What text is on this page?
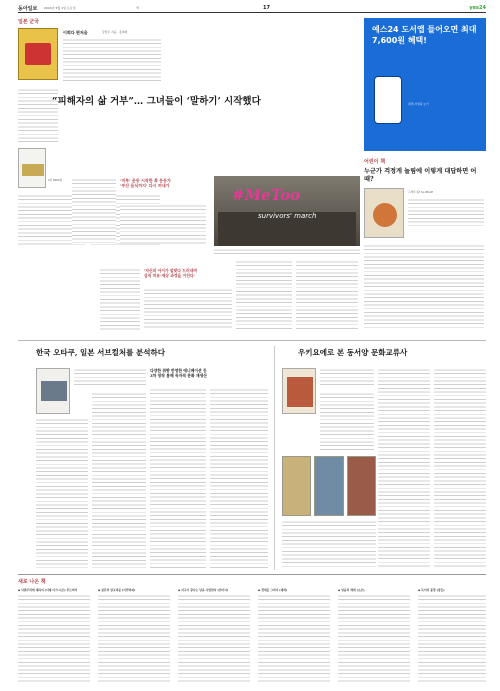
동아일보 2024년 5월 1일 토요일	책	17	yes24
일본 군국
이희다 편저음	강창주 지음 · 홍예제
2만 6000원
예스24 도서앱 들어오면 최대 7,600원 혜택!
혜택 자세히 보기
“피해자의 삶 거부”… 그녀들이 ‘말하기’ 시작했다
‘미투’ 운동 시작한 흑 운동가
‘부산 음식까지’ 다시 꺼내가
#MeToo
survivors' march
‘자신의 아이가 알맞다 드러내며
삼직 치유-재상 과정을 거친다’
어린이 책
누군가 걱정게 놀림에 이렇게 대답하면 어때?
그래서 뭐? So What?
한국 오타쿠, 일본 서브컬처를 분석하다
다양한 취향 반영한 애니메이션 등
3차 창작 통해 독자적 문화 재생산
우키요에로 본 동서양 문화교류사
새로 나온 책
◆ 낙관주의에 대하여 (디테·이크·니르) 루트바서	◆ 결혼의 알고리즘 (이반리외)	◆ 지구가 끝나는 날을 사랑한다 (진미사)	◆ 경계를 그리다 (채희)	◆ 얼음의 세계 (소조)	◆ 독서의 풍경 (장흥)
